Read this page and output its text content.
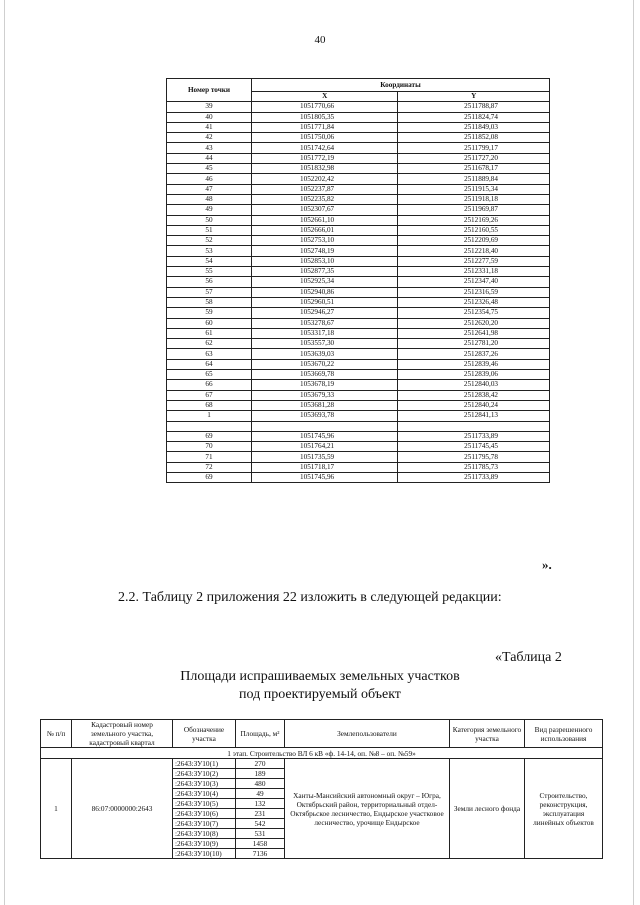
40
Номер точки	Координаты	
	X	Y
39	1051770,66	2511788,87
40	1051805,35	2511824,74
41	1051771,84	2511849,03
42	1051750,06	2511852,08
43	1051742,64	2511799,17
44	1051772,19	2511727,20
45	1051832,98	2511678,17
46	1052202,42	2511889,84
47	1052237,87	2511915,34
48	1052235,82	2511918,18
49	1052307,67	2511969,87
50	1052661,10	2512169,26
51	1052666,01	2512160,55
52	1052753,10	2512209,69
53	1052748,19	2512218,40
54	1052853,10	2512277,59
55	1052877,35	2512331,18
56	1052925,34	2512347,40
57	1052940,86	2512316,59
58	1052960,51	2512326,48
59	1052946,27	2512354,75
60	1053278,67	2512620,20
61	1053317,18	2512641,98
62	1053557,30	2512781,20
63	1053639,03	2512837,26
64	1053670,22	2512839,46
65	1053669,78	2512839,06
66	1053678,19	2512840,03
67	1053679,33	2512838,42
68	1053681,28	2512840,24
1	1053693,78	2512841,13

69	1051745,96	2511733,89
70	1051764,21	2511745,45
71	1051735,59	2511795,78
72	1051718,17	2511785,73
69	1051745,96	2511733,89
».
2.2. Таблицу 2 приложения 22 изложить в следующей редакции:
«Таблица 2
Площади испрашиваемых земельных участков
под проектируемый объект
№ п/п	Кадастровый номер земельного участка, кадастровый квартал	Обозначение участка	Площадь, м²	Землепользователи	Категория земельного участка	Вид разрешенного использования
1 этап. Строительство ВЛ 6 кВ «ф. 14-14, оп. №8 – оп. №59»						
1	86:07:0000000:2643	:2643:ЗУ10(1)	270	Ханты-Мансийский автономный округ – Югра, Октябрьский район, территориальный отдел-Октябрьское лесничество, Ендырское участковое лесничество, урочище Ендырское	Земли лесного фонда	Строительство, реконструкция, эксплуатация линейных объектов
		:2643:ЗУ10(2)	189			
		:2643:ЗУ10(3)	480			
		:2643:ЗУ10(4)	49			
		:2643:ЗУ10(5)	132			
		:2643:ЗУ10(6)	231			
		:2643:ЗУ10(7)	542			
		:2643:ЗУ10(8)	531			
		:2643:ЗУ10(9)	1458			
		:2643:ЗУ10(10)	7136			
